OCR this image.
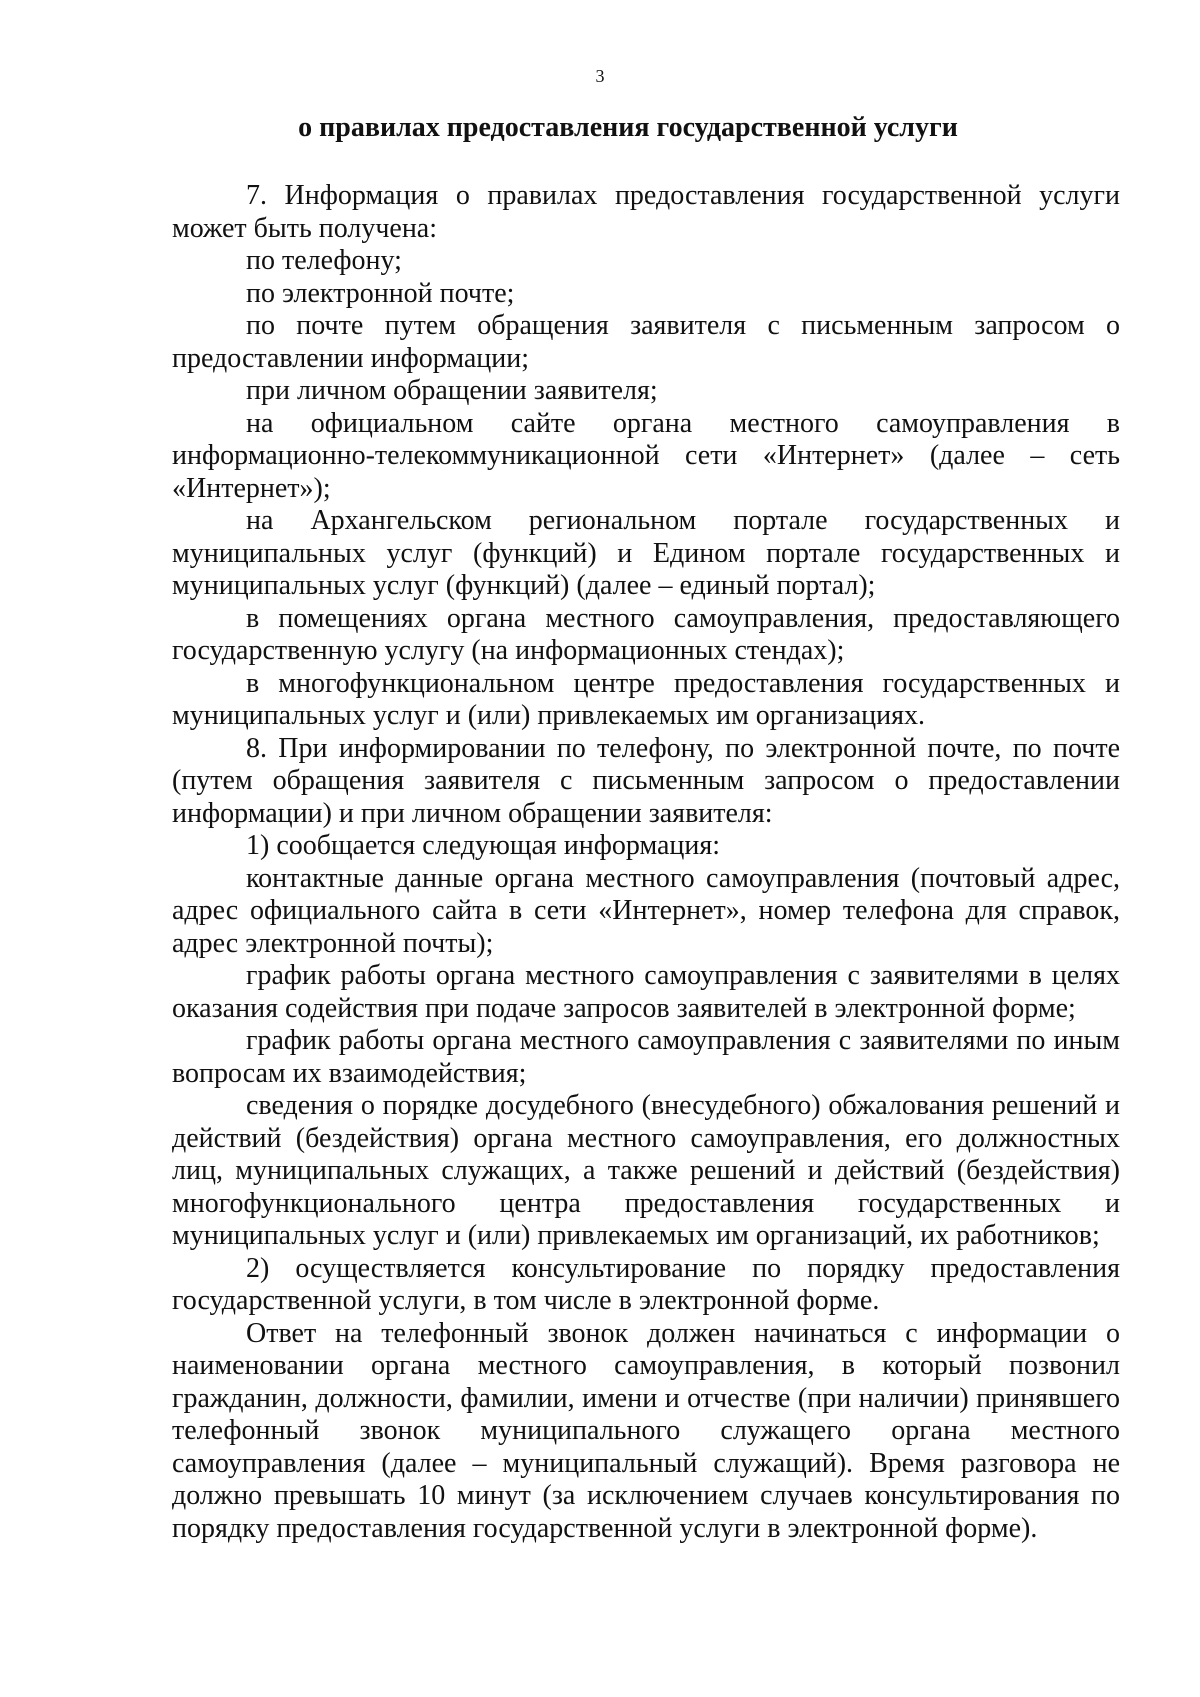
3
о правилах предоставления государственной услуги

7. Информация о правилах предоставления государственной услуги может быть получена:

по телефону;

по электронной почте;

по почте путем обращения заявителя с письменным запросом о предоставлении информации;

при личном обращении заявителя;

на официальном сайте органа местного самоуправления в информационно-телекоммуникационной сети «Интернет» (далее – сеть «Интернет»);

на Архангельском региональном портале государственных и муниципальных услуг (функций) и Едином портале государственных и муниципальных услуг (функций) (далее – единый портал);

в помещениях органа местного самоуправления, предоставляющего государственную услугу (на информационных стендах);

в многофункциональном центре предоставления государственных и муниципальных услуг и (или) привлекаемых им организациях.

8. При информировании по телефону, по электронной почте, по почте (путем обращения заявителя с письменным запросом о предоставлении информации) и при личном обращении заявителя:

1) сообщается следующая информация:

контактные данные органа местного самоуправления (почтовый адрес, адрес официального сайта в сети «Интернет», номер телефона для справок, адрес электронной почты);

график работы органа местного самоуправления с заявителями в целях оказания содействия при подаче запросов заявителей в электронной форме;

график работы органа местного самоуправления с заявителями по иным вопросам их взаимодействия;

сведения о порядке досудебного (внесудебного) обжалования решений и действий (бездействия) органа местного самоуправления, его должностных лиц, муниципальных служащих, а также решений и действий (бездействия) многофункционального центра предоставления государственных и муниципальных услуг и (или) привлекаемых им организаций, их работников;

2) осуществляется консультирование по порядку предоставления государственной услуги, в том числе в электронной форме.

Ответ на телефонный звонок должен начинаться с информации о наименовании органа местного самоуправления, в который позвонил гражданин, должности, фамилии, имени и отчестве (при наличии) принявшего телефонный звонок муниципального служащего органа местного самоуправления (далее – муниципальный служащий). Время разговора не должно превышать 10 минут (за исключением случаев консультирования по порядку предоставления государственной услуги в электронной форме).
